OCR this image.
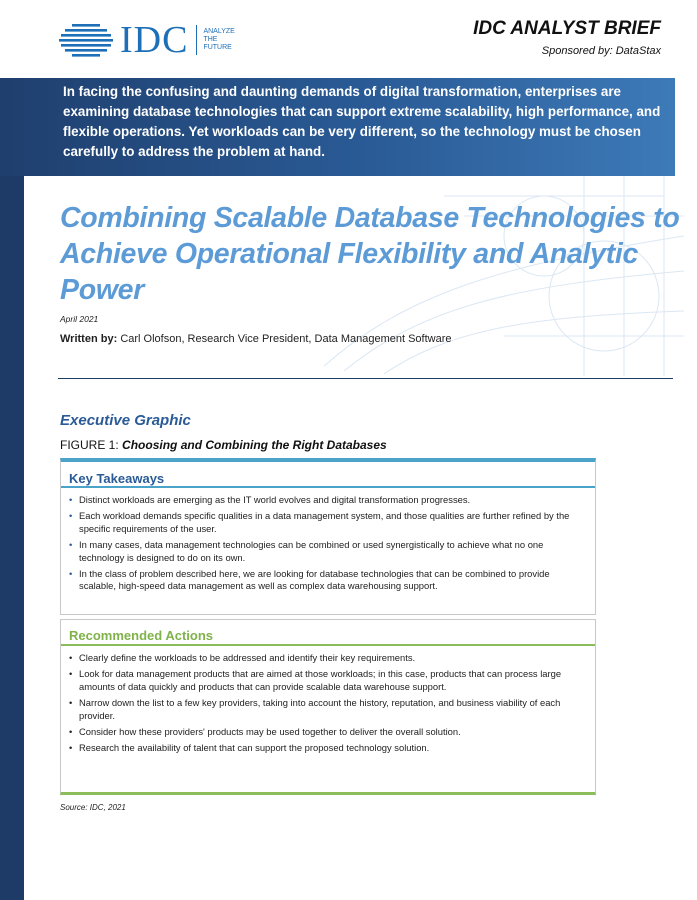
IDC ANALYZE
THE
FUTURE
IDC ANALYST BRIEF
Sponsored by: DataStax
In facing the confusing and daunting demands of digital transformation, enterprises are examining database technologies that can support extreme scalability, high performance, and flexible operations. Yet workloads can be very different, so the technology must be chosen carefully to address the problem at hand.
Combining Scalable Database Technologies to Achieve Operational Flexibility and Analytic Power
April 2021
Written by: Carl Olofson, Research Vice President, Data Management Software
Executive Graphic
FIGURE 1: Choosing and Combining the Right Databases
Key Takeaways
• Distinct workloads are emerging as the IT world evolves and digital transformation progresses.
• Each workload demands specific qualities in a data management system, and those qualities are further refined by the specific requirements of the user.
• In many cases, data management technologies can be combined or used synergistically to achieve what no one technology is designed to do on its own.
• In the class of problem described here, we are looking for database technologies that can be combined to provide scalable, high-speed data management as well as complex data warehousing support.
Recommended Actions
• Clearly define the workloads to be addressed and identify their key requirements.
• Look for data management products that are aimed at those workloads; in this case, products that can process large amounts of data quickly and products that can provide scalable data warehouse support.
• Narrow down the list to a few key providers, taking into account the history, reputation, and business viability of each provider.
• Consider how these providers' products may be used together to deliver the overall solution.
• Research the availability of talent that can support the proposed technology solution.
Source: IDC, 2021
